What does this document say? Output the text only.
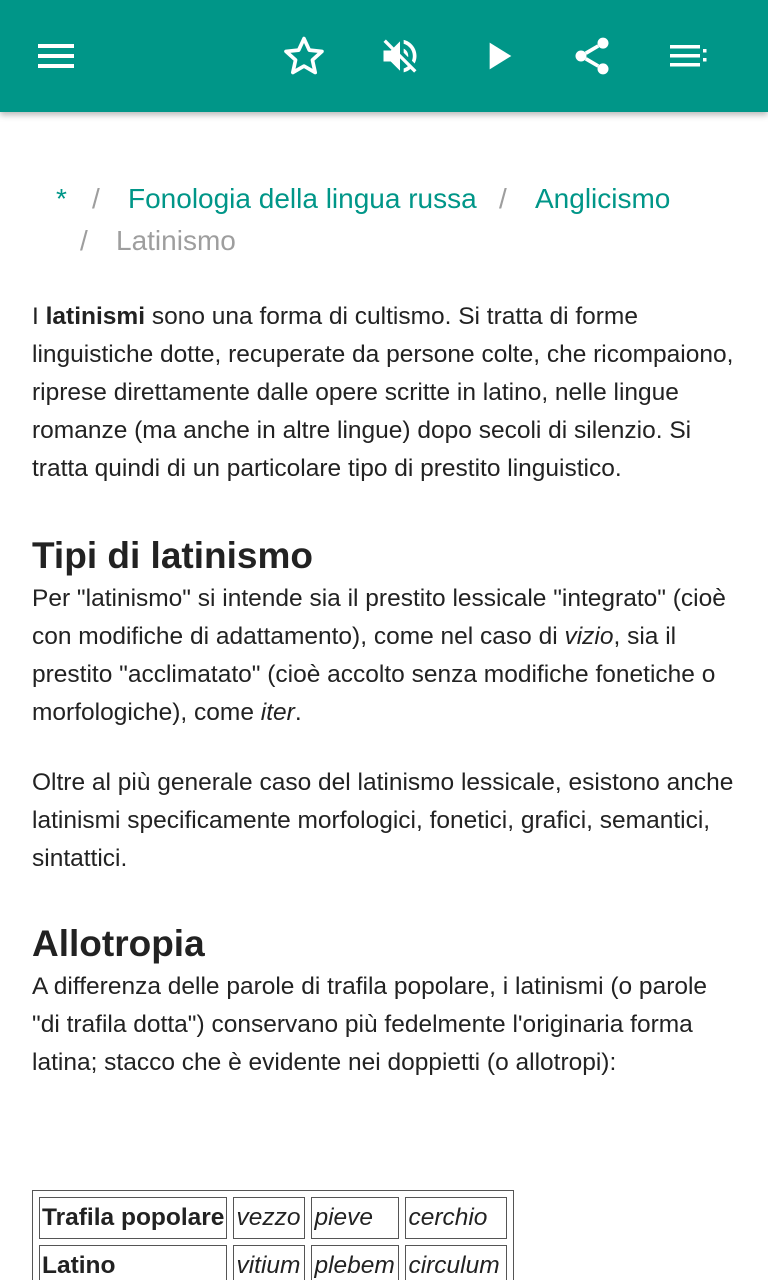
* / Fonologia della lingua russa / Anglicismo
/ Latinismo

I latinismi sono una forma di cultismo. Si tratta di forme linguistiche dotte, recuperate da persone colte, che ricompaiono, riprese direttamente dalle opere scritte in latino, nelle lingue romanze (ma anche in altre lingue) dopo secoli di silenzio. Si tratta quindi di un particolare tipo di prestito linguistico.

Tipi di latinismo

Per "latinismo" si intende sia il prestito lessicale "integrato" (cioè con modifiche di adattamento), come nel caso di vizio, sia il prestito "acclimatato" (cioè accolto senza modifiche fonetiche o morfologiche), come iter.

Oltre al più generale caso del latinismo lessicale, esistono anche latinismi specificamente morfologici, fonetici, grafici, semantici, sintattici.

Allotropia

A differenza delle parole di trafila popolare, i latinismi (o parole "di trafila dotta") conservano più fedelmente l'originaria forma latina; stacco che è evidente nei doppietti (o allotropi):

Trafila popolare	vezzo	pieve	cerchio
Latino	vitium	plebem	circulum
